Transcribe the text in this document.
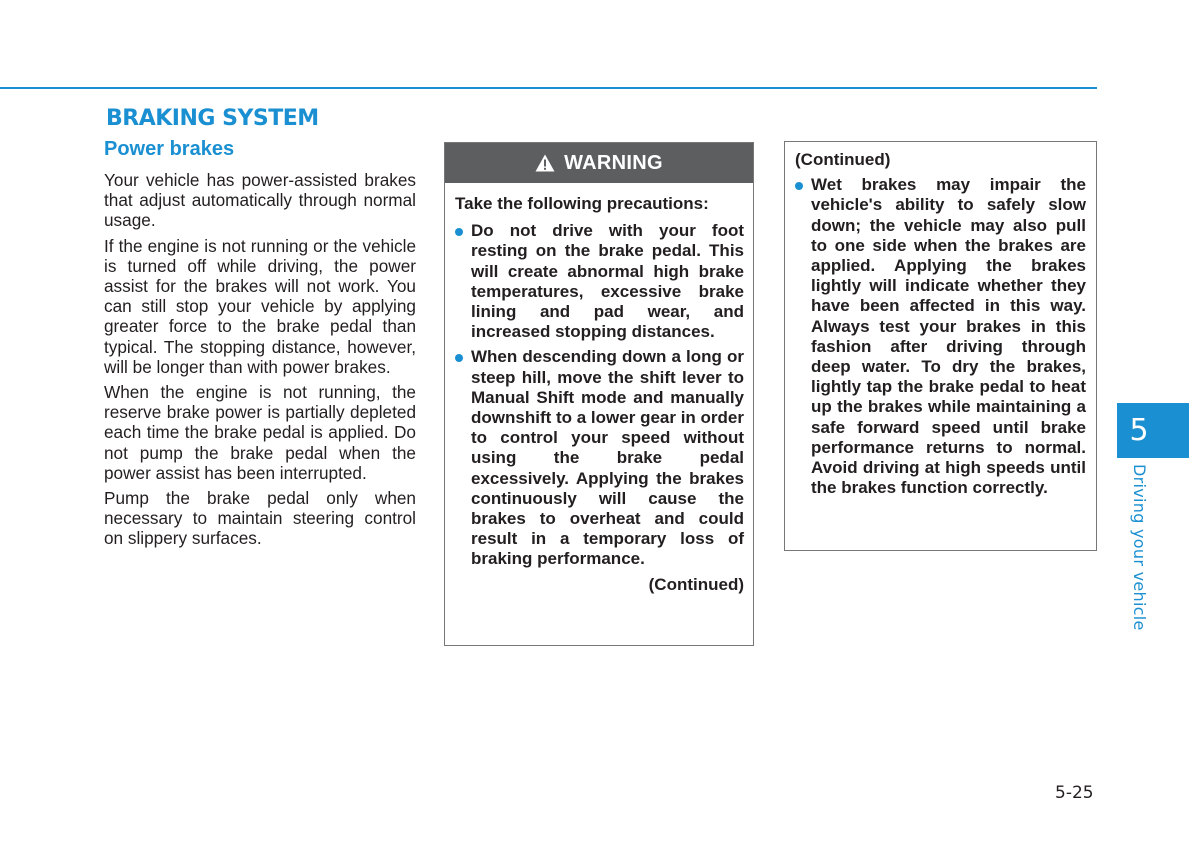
BRAKING SYSTEM
Power brakes

Your vehicle has power-assisted brakes that adjust automatically through normal usage.

If the engine is not running or the vehicle is turned off while driving, the power assist for the brakes will not work. You can still stop your vehicle by applying greater force to the brake pedal than typical. The stopping distance, however, will be longer than with power brakes.

When the engine is not running, the reserve brake power is partially depleted each time the brake pedal is applied. Do not pump the brake pedal when the power assist has been interrupted.

Pump the brake pedal only when necessary to maintain steering control on slippery surfaces.

WARNING

Take the following precautions:

Do not drive with your foot resting on the brake pedal. This will create abnormal high brake temperatures, excessive brake lining and pad wear, and increased stopping distances.
When descending down a long or steep hill, move the shift lever to Manual Shift mode and manually downshift to a lower gear in order to control your speed without using the brake pedal excessively. Applying the brakes continuously will cause the brakes to overheat and could result in a temporary loss of braking performance.

(Continued)

(Continued)

Wet brakes may impair the vehicle's ability to safely slow down; the vehicle may also pull to one side when the brakes are applied. Applying the brakes lightly will indicate whether they have been affected in this way. Always test your brakes in this fashion after driving through deep water. To dry the brakes, lightly tap the brake pedal to heat up the brakes while maintaining a safe forward speed until brake performance returns to normal. Avoid driving at high speeds until the brakes function correctly.
5
Driving your vehicle
5-25
